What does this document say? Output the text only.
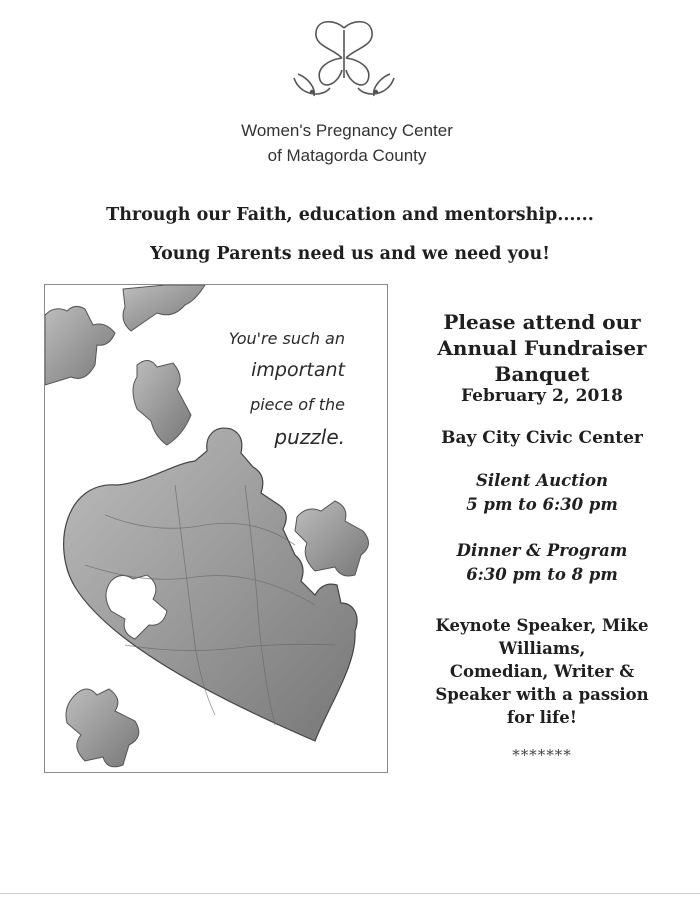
Women's Pregnancy Center
of Matagorda County
Through our Faith, education and mentorship......
Young Parents need us and we need you!
You're such an
important
piece of the
puzzle.
Please attend our
Annual Fundraiser
Banquet
February 2, 2018
Bay City Civic Center
Silent Auction
5 pm to 6:30 pm
Dinner & Program
6:30 pm to 8 pm
Keynote Speaker, Mike
Williams,
Comedian, Writer &
Speaker with a passion
for life!
*******
